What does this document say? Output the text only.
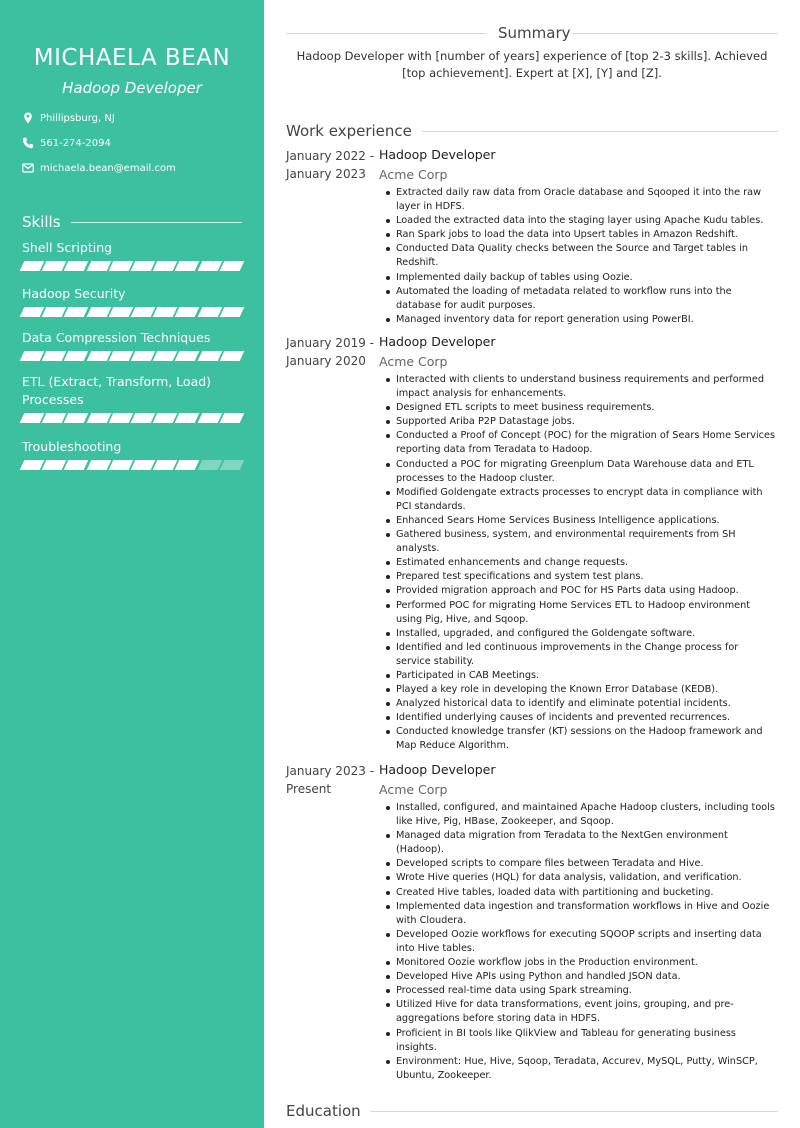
MICHAELA BEAN
Hadoop Developer
Phillipsburg, NJ
561-274-2094
michaela.bean@email.com
Skills
Shell Scripting
Hadoop Security
Data Compression Techniques
ETL (Extract, Transform, Load) Processes
Troubleshooting
Summary
Hadoop Developer with [number of years] experience of [top 2-3 skills]. Achieved [top achievement]. Expert at [X], [Y] and [Z].
Work experience
January 2022 -
January 2023
Hadoop Developer
Acme Corp
Extracted daily raw data from Oracle database and Sqooped it into the raw layer in HDFS.
Loaded the extracted data into the staging layer using Apache Kudu tables.
Ran Spark jobs to load the data into Upsert tables in Amazon Redshift.
Conducted Data Quality checks between the Source and Target tables in Redshift.
Implemented daily backup of tables using Oozie.
Automated the loading of metadata related to workflow runs into the database for audit purposes.
Managed inventory data for report generation using PowerBI.
January 2019 -
January 2020
Hadoop Developer
Acme Corp
Interacted with clients to understand business requirements and performed impact analysis for enhancements.
Designed ETL scripts to meet business requirements.
Supported Ariba P2P Datastage jobs.
Conducted a Proof of Concept (POC) for the migration of Sears Home Services reporting data from Teradata to Hadoop.
Conducted a POC for migrating Greenplum Data Warehouse data and ETL processes to the Hadoop cluster.
Modified Goldengate extracts processes to encrypt data in compliance with PCI standards.
Enhanced Sears Home Services Business Intelligence applications.
Gathered business, system, and environmental requirements from SH analysts.
Estimated enhancements and change requests.
Prepared test specifications and system test plans.
Provided migration approach and POC for HS Parts data using Hadoop.
Performed POC for migrating Home Services ETL to Hadoop environment using Pig, Hive, and Sqoop.
Installed, upgraded, and configured the Goldengate software.
Identified and led continuous improvements in the Change process for service stability.
Participated in CAB Meetings.
Played a key role in developing the Known Error Database (KEDB).
Analyzed historical data to identify and eliminate potential incidents.
Identified underlying causes of incidents and prevented recurrences.
Conducted knowledge transfer (KT) sessions on the Hadoop framework and Map Reduce Algorithm.
January 2023 -
Present
Hadoop Developer
Acme Corp
Installed, configured, and maintained Apache Hadoop clusters, including tools like Hive, Pig, HBase, Zookeeper, and Sqoop.
Managed data migration from Teradata to the NextGen environment (Hadoop).
Developed scripts to compare files between Teradata and Hive.
Wrote Hive queries (HQL) for data analysis, validation, and verification.
Created Hive tables, loaded data with partitioning and bucketing.
Implemented data ingestion and transformation workflows in Hive and Oozie with Cloudera.
Developed Oozie workflows for executing SQOOP scripts and inserting data into Hive tables.
Monitored Oozie workflow jobs in the Production environment.
Developed Hive APIs using Python and handled JSON data.
Processed real-time data using Spark streaming.
Utilized Hive for data transformations, event joins, grouping, and pre-aggregations before storing data in HDFS.
Proficient in BI tools like QlikView and Tableau for generating business insights.
Environment: Hue, Hive, Sqoop, Teradata, Accurev, MySQL, Putty, WinSCP, Ubuntu, Zookeeper.
Education
